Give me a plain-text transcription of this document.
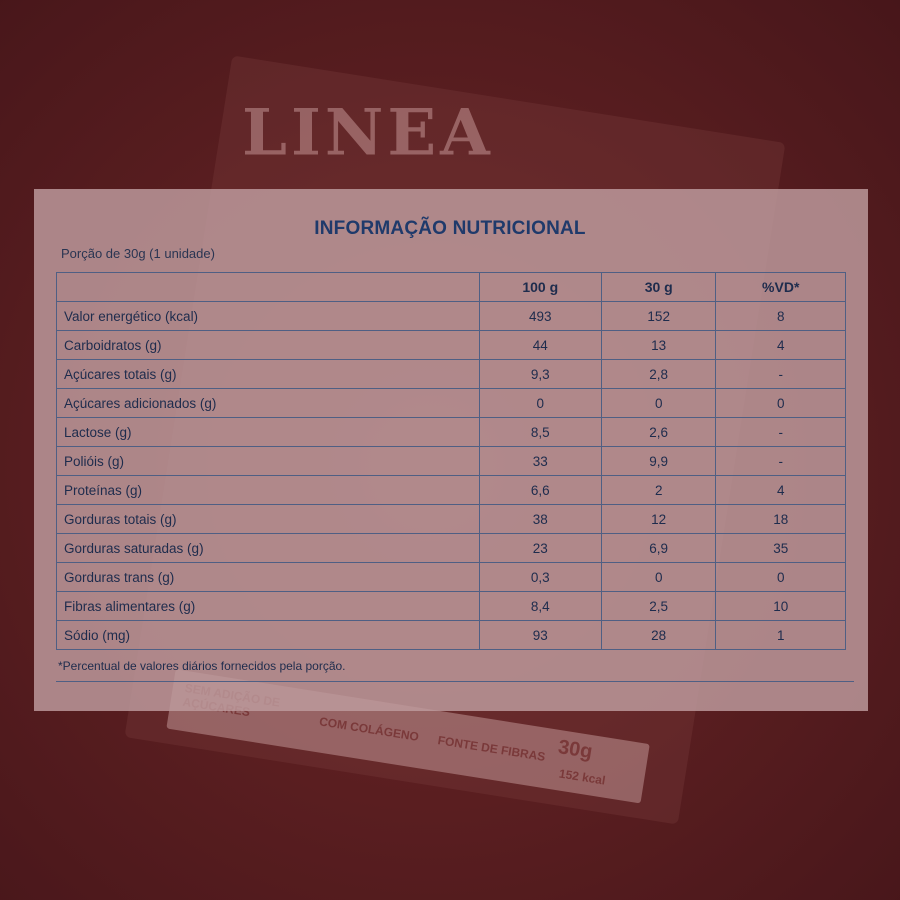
LINEA
COM COLÁGENO
FONTE DE FIBRAS 30g
152 kcal
INFORMAÇÃO NUTRICIONAL
Porção de 30g (1 unidade)
	100 g	30 g	%VD*
Valor energético (kcal)	493	152	8
Carboidratos (g)	44	13	4
Açúcares totais (g)	9,3	2,8	-
Açúcares adicionados (g)	0	0	0
Lactose (g)	8,5	2,6	-
Polióis (g)	33	9,9	-
Proteínas (g)	6,6	2	4
Gorduras totais (g)	38	12	18
Gorduras saturadas (g)	23	6,9	35
Gorduras trans (g)	0,3	0	0
Fibras alimentares (g)	8,4	2,5	10
Sódio (mg)	93	28	1
*Percentual de valores diários fornecidos pela porção.
